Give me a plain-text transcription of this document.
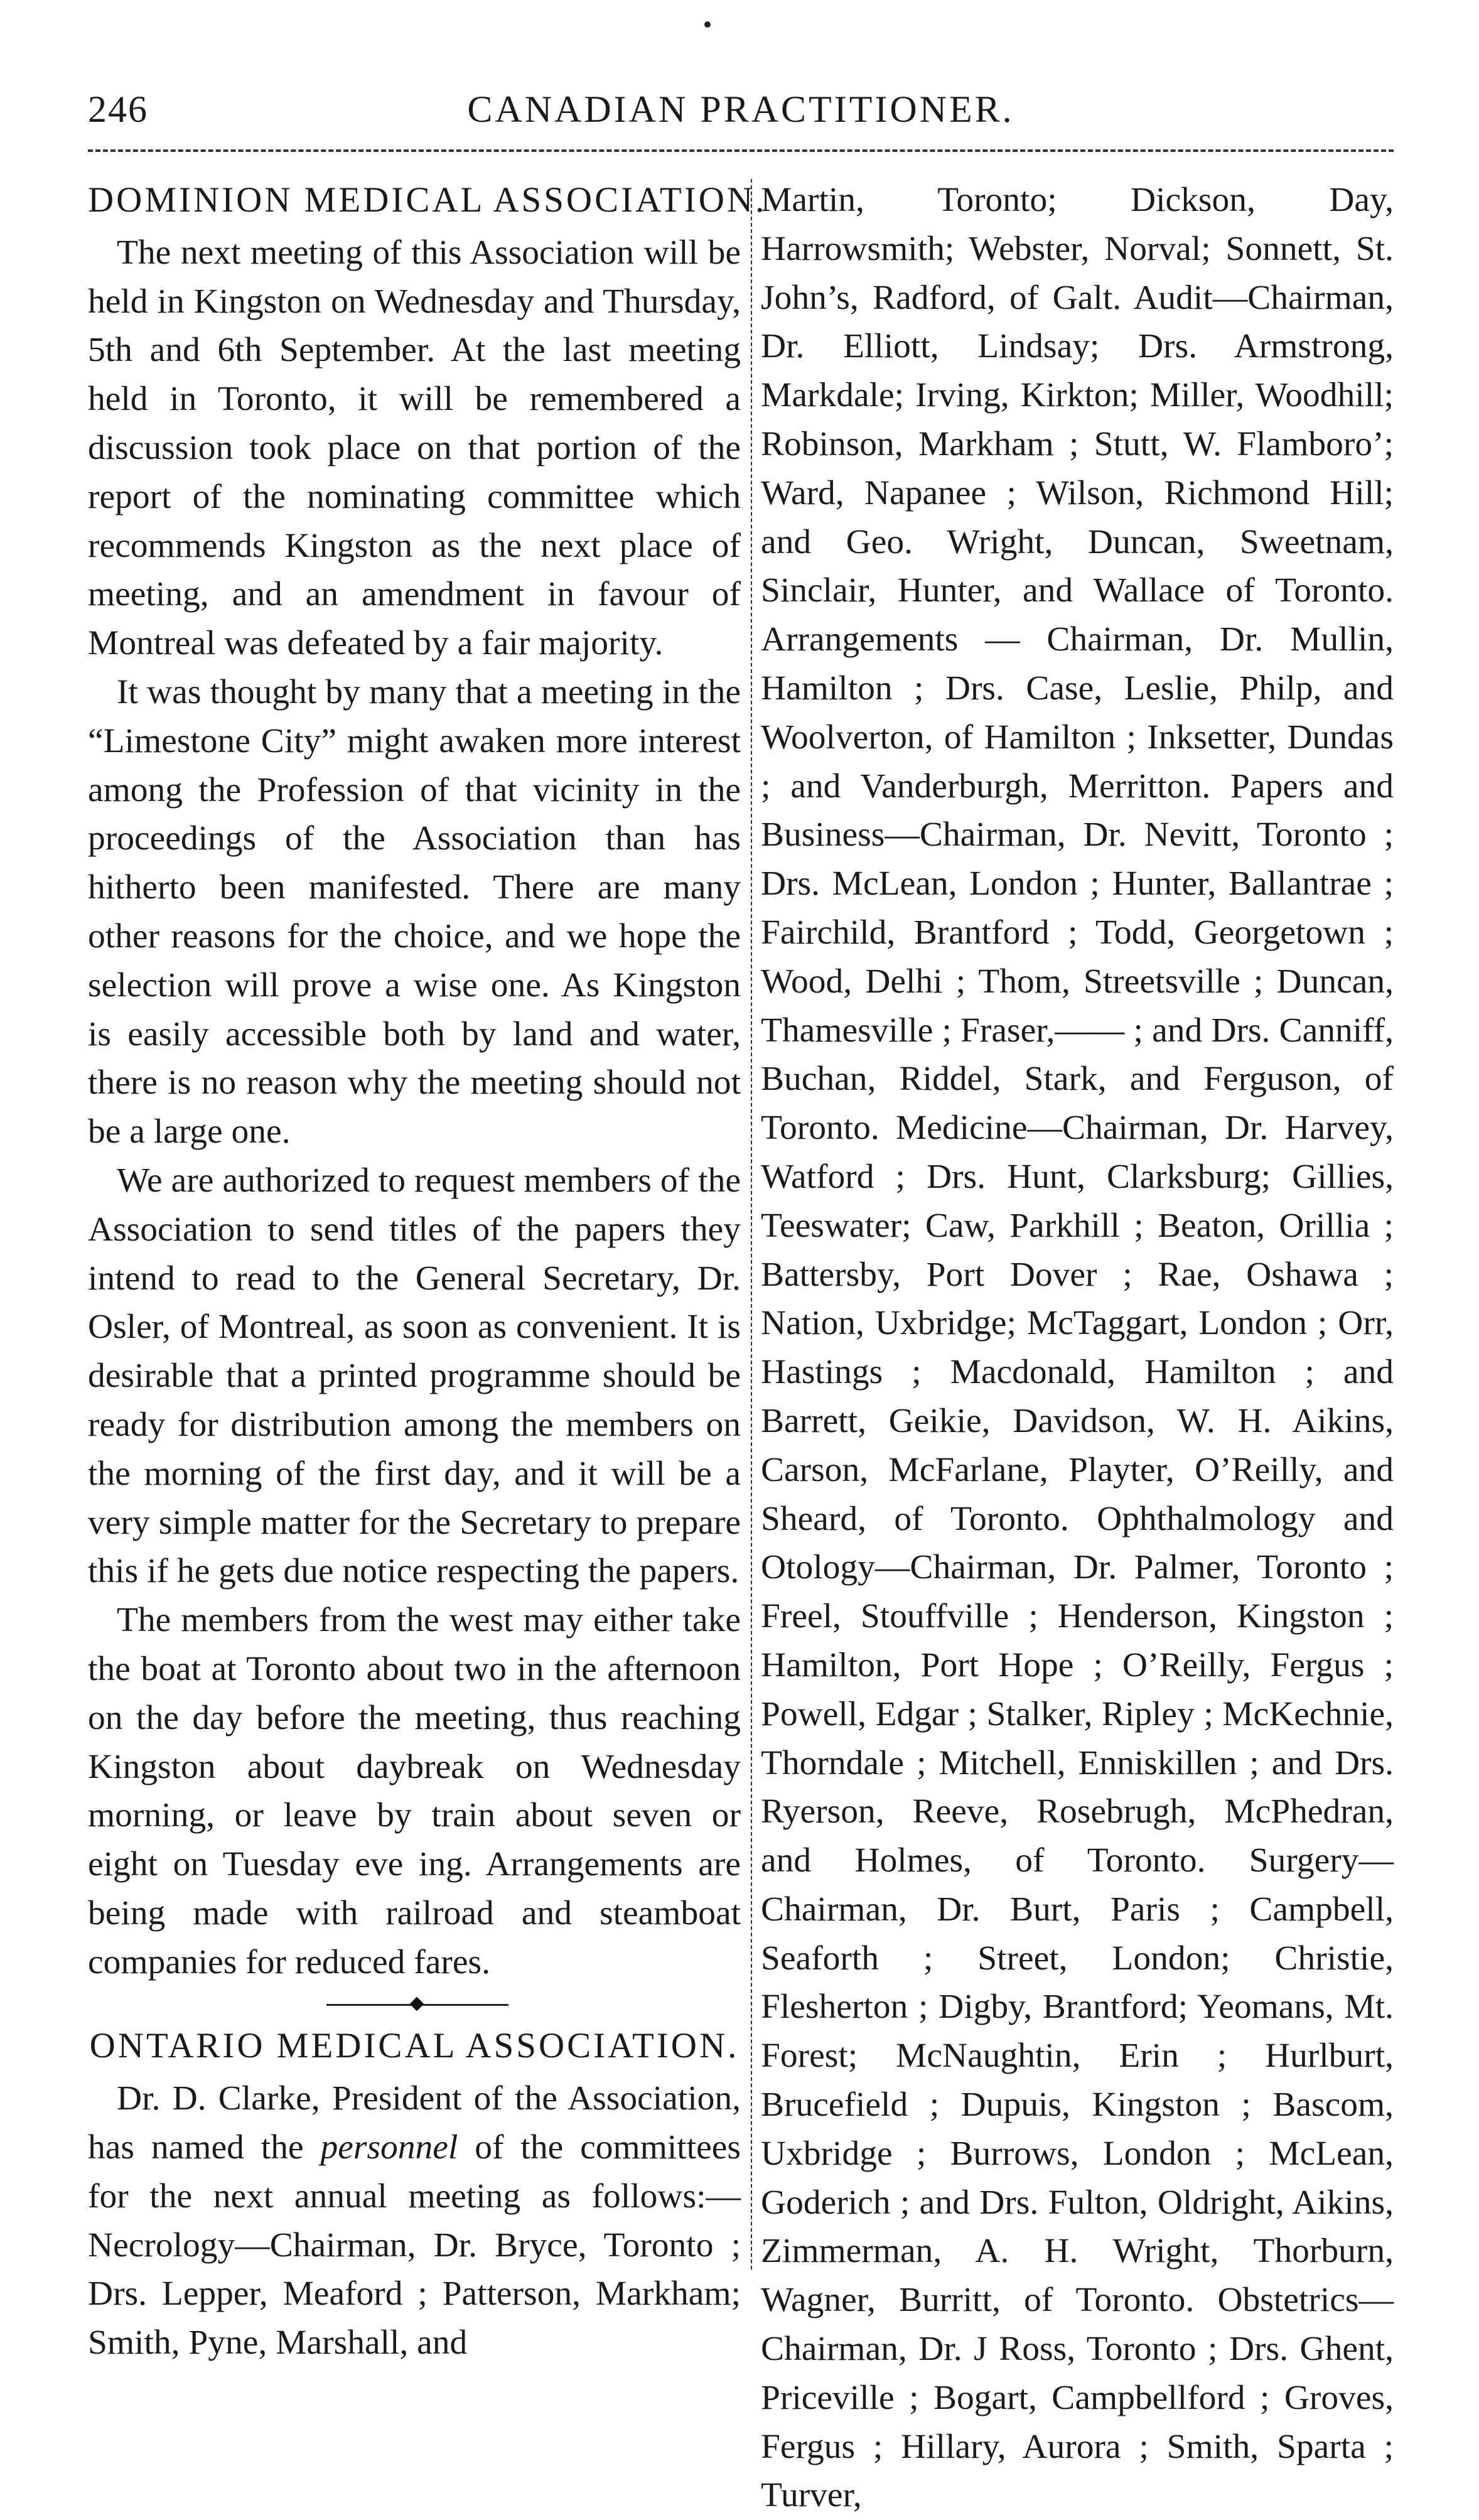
246	CANADIAN PRACTITIONER.
DOMINION MEDICAL ASSOCIATION.

The next meeting of this Association will be held in Kingston on Wednesday and Thursday, 5th and 6th September. At the last meeting held in Toronto, it will be remembered a discussion took place on that portion of the report of the nominating committee which recommends Kingston as the next place of meeting, and an amendment in favour of Montreal was defeated by a fair majority.

It was thought by many that a meeting in the “Limestone City” might awaken more interest among the Profession of that vicinity in the proceedings of the Association than has hitherto been manifested. There are many other reasons for the choice, and we hope the selection will prove a wise one. As Kingston is easily accessible both by land and water, there is no reason why the meeting should not be a large one.

We are authorized to request members of the Association to send titles of the papers they intend to read to the General Secretary, Dr. Osler, of Montreal, as soon as convenient. It is desirable that a printed programme should be ready for distribution among the members on the morning of the first day, and it will be a very simple matter for the Secretary to prepare this if he gets due notice respecting the papers.

The members from the west may either take the boat at Toronto about two in the afternoon on the day before the meeting, thus reaching Kingston about daybreak on Wednesday morning, or leave by train about seven or eight on Tuesday eve ing. Arrangements are being made with railroad and steamboat companies for reduced fares.

ONTARIO MEDICAL ASSOCIATION.

Dr. D. Clarke, President of the Association, has named the personnel of the committees for the next annual meeting as follows:—Necrology—Chairman, Dr. Bryce, Toronto ; Drs. Lepper, Meaford ; Patterson, Markham; Smith, Pyne, Marshall, and

Martin, Toronto; Dickson, Day, Harrowsmith; Webster, Norval; Sonnett, St. John’s, Radford, of Galt. Audit—Chairman, Dr. Elliott, Lindsay; Drs. Armstrong, Markdale; Irving, Kirkton; Miller, Woodhill; Robinson, Markham ; Stutt, W. Flamboro’; Ward, Napanee ; Wilson, Richmond Hill; and Geo. Wright, Duncan, Sweetnam, Sinclair, Hunter, and Wallace of Toronto. Arrangements — Chairman, Dr. Mullin, Hamilton ; Drs. Case, Leslie, Philp, and Woolverton, of Hamilton ; Inksetter, Dundas ; and Vanderburgh, Merritton. Papers and Business—Chairman, Dr. Nevitt, Toronto ; Drs. McLean, London ; Hunter, Ballantrae ; Fairchild, Brantford ; Todd, Georgetown ; Wood, Delhi ; Thom, Streetsville ; Duncan, Thamesville ; Fraser,—— ; and Drs. Canniff, Buchan, Riddel, Stark, and Ferguson, of Toronto. Medicine—Chairman, Dr. Harvey, Watford ; Drs. Hunt, Clarksburg; Gillies, Teeswater; Caw, Parkhill ; Beaton, Orillia ; Battersby, Port Dover ; Rae, Oshawa ; Nation, Uxbridge; McTaggart, London ; Orr, Hastings ; Macdonald, Hamilton ; and Barrett, Geikie, Davidson, W. H. Aikins, Carson, McFarlane, Playter, O’Reilly, and Sheard, of Toronto. Ophthalmology and Otology—Chairman, Dr. Palmer, Toronto ; Freel, Stouffville ; Henderson, Kingston ; Hamilton, Port Hope ; O’Reilly, Fergus ; Powell, Edgar ; Stalker, Ripley ; McKechnie, Thorndale ; Mitchell, Enniskillen ; and Drs. Ryerson, Reeve, Rosebrugh, McPhedran, and Holmes, of Toronto. Surgery—Chairman, Dr. Burt, Paris ; Campbell, Seaforth ; Street, London; Christie, Flesherton ; Digby, Brantford; Yeomans, Mt. Forest; McNaughtin, Erin ; Hurlburt, Brucefield ; Dupuis, Kingston ; Bascom, Uxbridge ; Burrows, London ; McLean, Goderich ; and Drs. Fulton, Oldright, Aikins, Zimmerman, A. H. Wright, Thorburn, Wagner, Burritt, of Toronto. Obstetrics—Chairman, Dr. J Ross, Toronto ; Drs. Ghent, Priceville ; Bogart, Campbellford ; Groves, Fergus ; Hillary, Aurora ; Smith, Sparta ; Turver,
